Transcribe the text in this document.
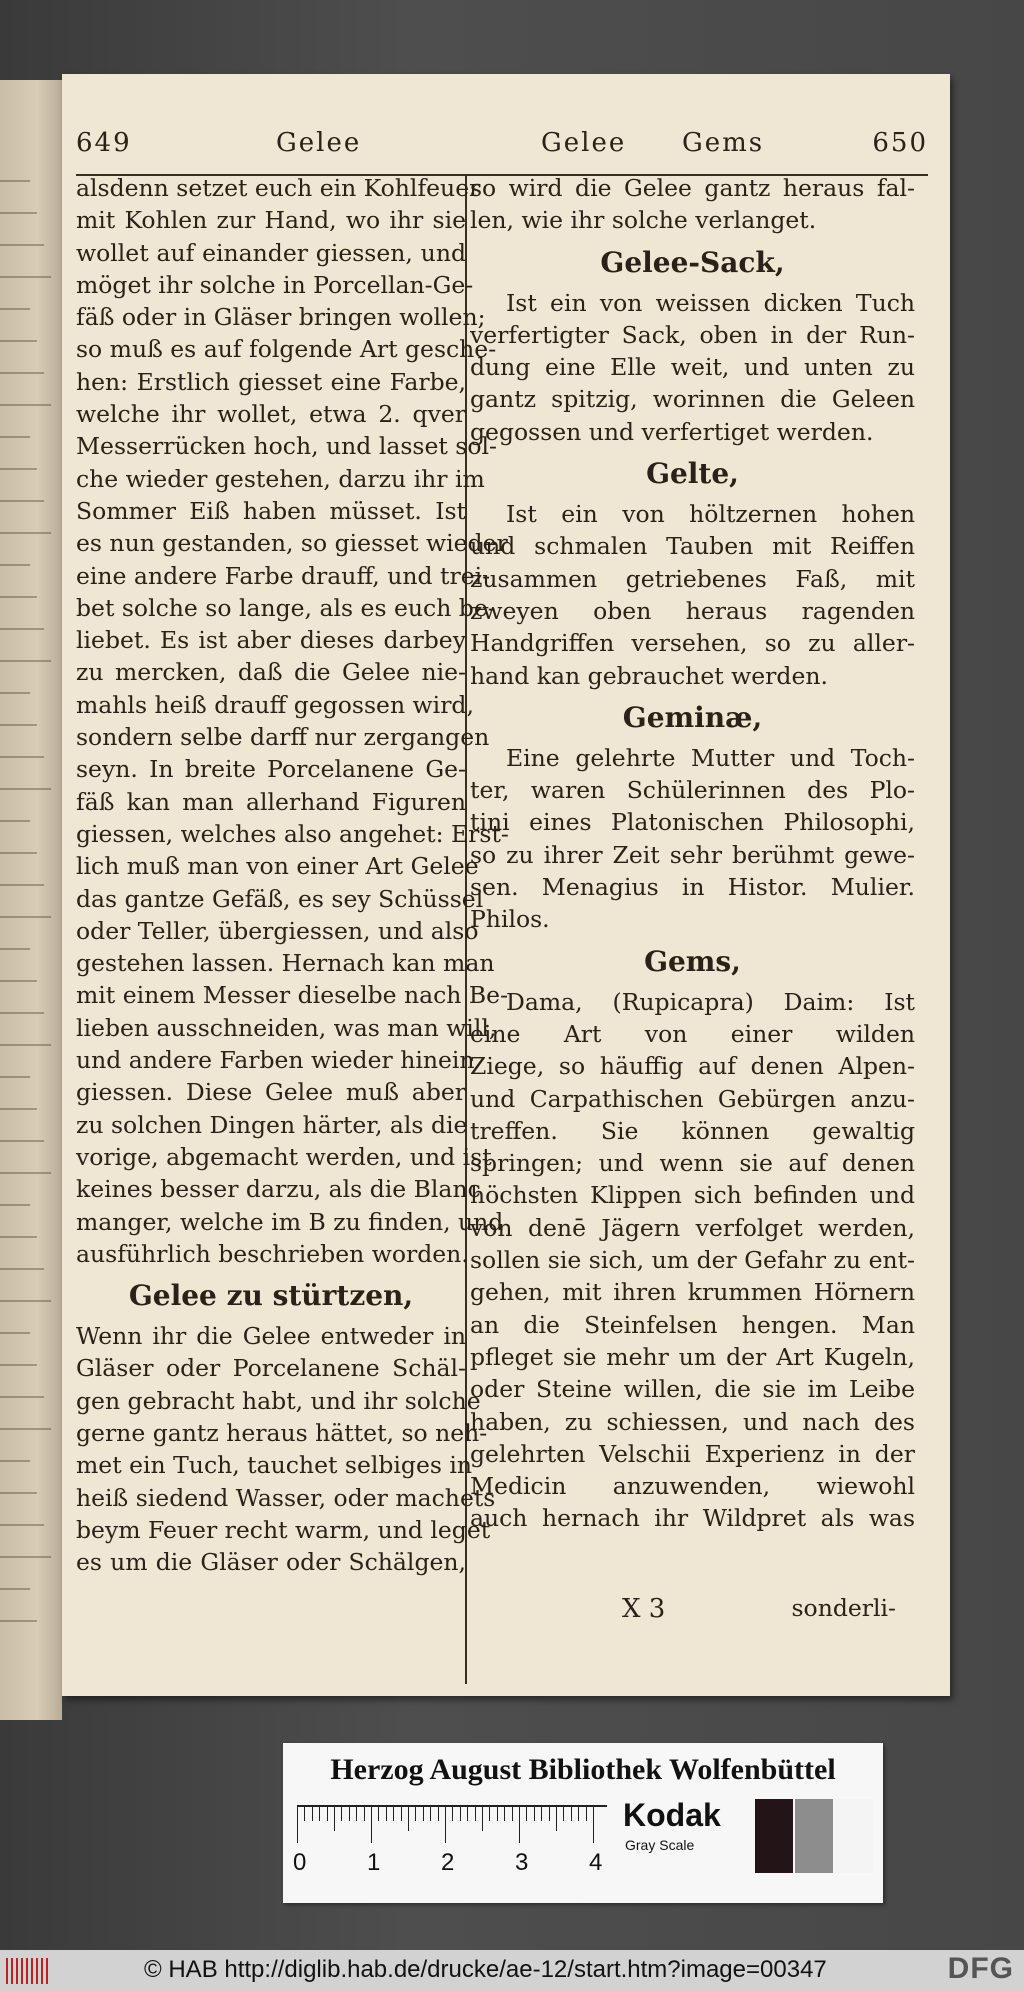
649	Gelee	Gelee Gems	650
alsdenn setzet euch ein Kohlfeuer
mit Kohlen zur Hand, wo ihr sie
wollet auf einander giessen, und
möget ihr solche in Porcellan-Ge-
fäß oder in Gläser bringen wollen;
so muß es auf folgende Art gesche-
hen: Erstlich giesset eine Farbe,
welche ihr wollet, etwa 2. qver
Messerrücken hoch, und lasset sol-
che wieder gestehen, darzu ihr im
Sommer Eiß haben müsset. Ist
es nun gestanden, so giesset wieder
eine andere Farbe drauff, und trei-
bet solche so lange, als es euch be-
liebet. Es ist aber dieses darbey
zu mercken, daß die Gelee nie-
mahls heiß drauff gegossen wird,
sondern selbe darff nur zergangen
seyn. In breite Porcelanene Ge-
fäß kan man allerhand Figuren
giessen, welches also angehet: Erst-
lich muß man von einer Art Gelee
das gantze Gefäß, es sey Schüssel
oder Teller, übergiessen, und also
gestehen lassen. Hernach kan man
mit einem Messer dieselbe nach Be-
lieben ausschneiden, was man will,
und andere Farben wieder hinein
giessen. Diese Gelee muß aber
zu solchen Dingen härter, als die
vorige, abgemacht werden, und ist
keines besser darzu, als die Blanc
manger, welche im B zu finden, und
ausführlich beschrieben worden.
Gelee zu stürtzen,
Wenn ihr die Gelee entweder in
Gläser oder Porcelanene Schäl-
gen gebracht habt, und ihr solche
gerne gantz heraus hättet, so neh-
met ein Tuch, tauchet selbiges in
heiß siedend Wasser, oder machets
beym Feuer recht warm, und leget
es um die Gläser oder Schälgen,
so wird die Gelee gantz heraus fal-
len, wie ihr solche verlanget.
Gelee-Sack,
Ist ein von weissen dicken Tuch
verfertigter Sack, oben in der Run-
dung eine Elle weit, und unten zu
gantz spitzig, worinnen die Geleen
gegossen und verfertiget werden.
Gelte,
Ist ein von höltzernen hohen
und schmalen Tauben mit Reiffen
zusammen getriebenes Faß, mit
zweyen oben heraus ragenden
Handgriffen versehen, so zu aller-
hand kan gebrauchet werden.
Geminæ,
Eine gelehrte Mutter und Toch-
ter, waren Schülerinnen des Plo-
tini eines Platonischen Philosophi,
so zu ihrer Zeit sehr berühmt gewe-
sen. Menagius in Histor. Mulier.
Philos.
Gems,
Dama, (Rupicapra) Daim: Ist
eine Art von einer wilden
Ziege, so häuffig auf denen Alpen-
und Carpathischen Gebürgen anzu-
treffen. Sie können gewaltig
springen; und wenn sie auf denen
höchsten Klippen sich befinden und
von denē Jägern verfolget werden,
sollen sie sich, um der Gefahr zu ent-
gehen, mit ihren krummen Hörnern
an die Steinfelsen hengen. Man
pfleget sie mehr um der Art Kugeln,
oder Steine willen, die sie im Leibe
haben, zu schiessen, und nach des
gelehrten Velschii Experienz in der
Medicin anzuwenden, wiewohl
auch hernach ihr Wildpret als was
X 3	sonderli-
Herzog August Bibliothek Wolfenbüttel
0	1	2	3	4
Kodak
Gray Scale
© HAB http://diglib.hab.de/drucke/ae-12/start.htm?image=00347	DFG
